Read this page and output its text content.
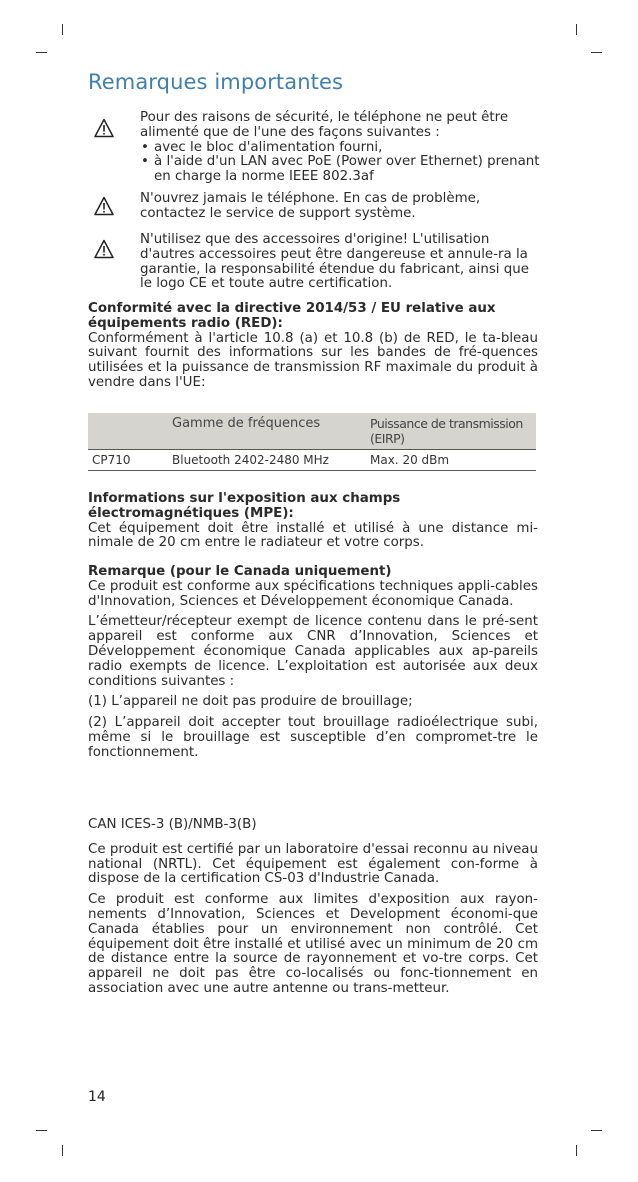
Remarques importantes
Pour des raisons de sécurité, le téléphone ne peut être alimenté que de l'une des façons suivantes :
• avec le bloc d'alimentation fourni,
• à l'aide d'un LAN avec PoE (Power over Ethernet) prenant en charge la norme IEEE 802.3af
N'ouvrez jamais le téléphone. En cas de problème, contactez le service de support système.
N'utilisez que des accessoires d'origine! L'utilisation d'autres accessoires peut être dangereuse et annule-ra la garantie, la responsabilité étendue du fabricant, ainsi que le logo CE et toute autre certification.

Conformité avec la directive 2014/53 / EU relative aux équipements radio (RED):

Conformément à l'article 10.8 (a) et 10.8 (b) de RED, le ta-bleau suivant fournit des informations sur les bandes de fré-quences utilisées et la puissance de transmission RF maximale du produit à vendre dans l'UE:

	Gamme de fréquences	Puissance de transmission (EIRP)
CP710	Bluetooth 2402-2480 MHz	Max. 20 dBm

Informations sur l'exposition aux champs électromagnétiques (MPE):

Cet équipement doit être installé et utilisé à une distance mi-nimale de 20 cm entre le radiateur et votre corps.

Remarque (pour le Canada uniquement)

Ce produit est conforme aux spécifications techniques appli-cables d'Innovation, Sciences et Développement économique Canada.

L’émetteur/récepteur exempt de licence contenu dans le pré-sent appareil est conforme aux CNR d’Innovation, Sciences et Développement économique Canada applicables aux ap-pareils radio exempts de licence. L’exploitation est autorisée aux deux conditions suivantes :

(1) L’appareil ne doit pas produire de brouillage;

(2) L’appareil doit accepter tout brouillage radioélectrique subi, même si le brouillage est susceptible d’en compromet-tre le fonctionnement.

CAN ICES-3 (B)/NMB-3(B)

Ce produit est certifié par un laboratoire d'essai reconnu au niveau national (NRTL). Cet équipement est également con-forme à dispose de la certification CS-03 d'Industrie Canada.

Ce produit est conforme aux limites d'exposition aux rayon-nements d’Innovation, Sciences et Development économi-que Canada établies pour un environnement non contrôlé. Cet équipement doit être installé et utilisé avec un minimum de 20 cm de distance entre la source de rayonnement et vo-tre corps. Cet appareil ne doit pas être co-localisés ou fonc-tionnement en association avec une autre antenne ou trans-metteur.

14
